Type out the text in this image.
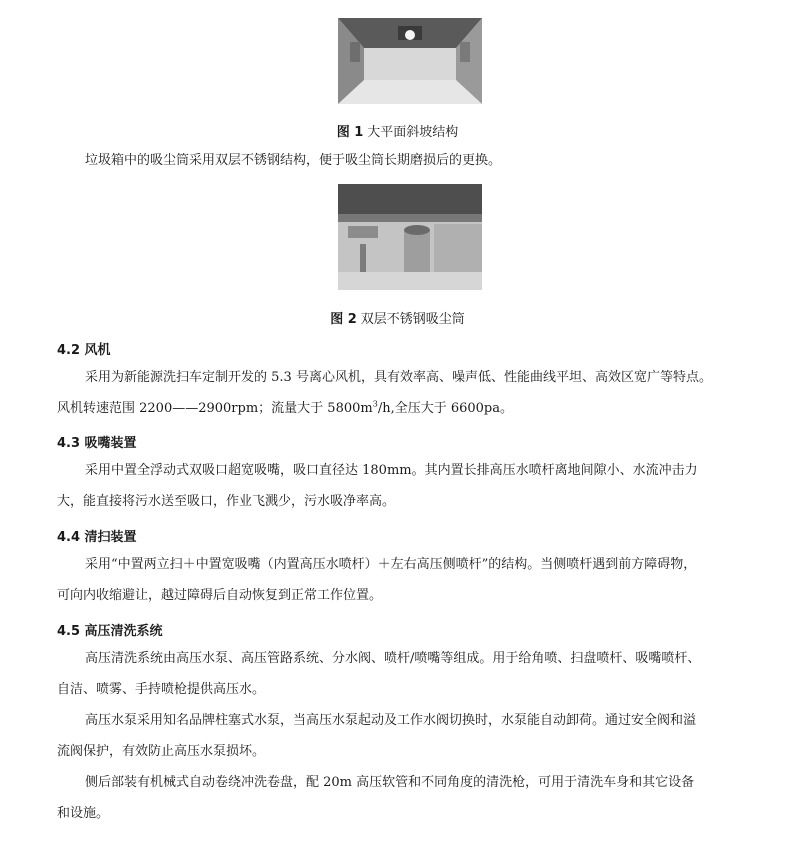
图 1 大平面斜坡结构

垃圾箱中的吸尘筒采用双层不锈钢结构，便于吸尘筒长期磨损后的更换。

图 2 双层不锈钢吸尘筒
4.2 风机

采用为新能源洗扫车定制开发的 5.3 号离心风机，具有效率高、噪声低、性能曲线平坦、高效区宽广等特点。
风机转速范围 2200——2900rpm；流量大于 $5800m^3/h$,全压大于 6600pa。

4.3 吸嘴装置

采用中置全浮动式双吸口超宽吸嘴，吸口直径达 180mm。其内置长排高压水喷杆离地间隙小、水流冲击力
大，能直接将污水送至吸口，作业飞溅少，污水吸净率高。

4.4 清扫装置

采用“中置两立扫＋中置宽吸嘴（内置高压水喷杆）＋左右高压侧喷杆”的结构。当侧喷杆遇到前方障碍物，
可向内收缩避让，越过障碍后自动恢复到正常工作位置。

4.5 高压清洗系统

高压清洗系统由高压水泵、高压管路系统、分水阀、喷杆/喷嘴等组成。用于给角喷、扫盘喷杆、吸嘴喷杆、
自洁、喷雾、手持喷枪提供高压水。

高压水泵采用知名品牌柱塞式水泵，当高压水泵起动及工作水阀切换时，水泵能自动卸荷。通过安全阀和溢
流阀保护，有效防止高压水泵损坏。

侧后部装有机械式自动卷绕冲洗卷盘，配 20m 高压软管和不同角度的清洗枪，可用于清洗车身和其它设备
和设施。
